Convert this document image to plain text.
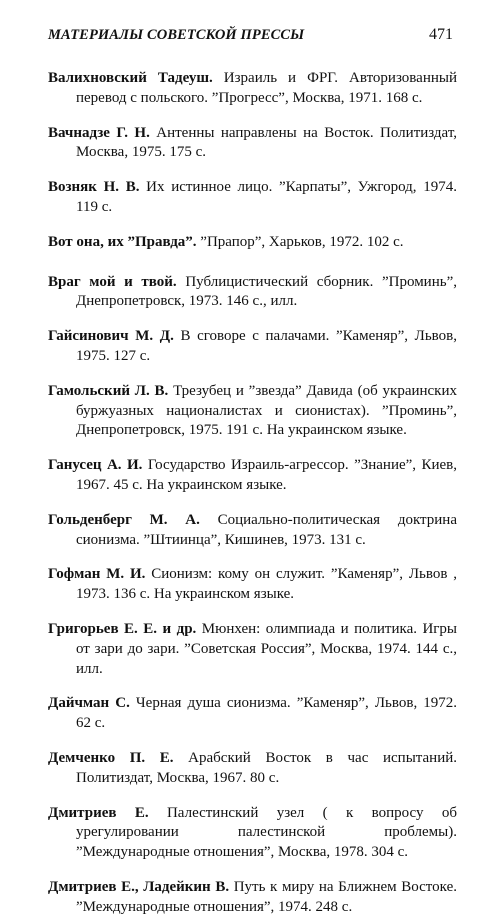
МАТЕРИАЛЫ СОВЕТСКОЙ ПРЕССЫ	471

Валихновский Тадеуш. Израиль и ФРГ. Авторизованный перевод с польского. ”Прогресс”, Москва, 1971. 168 с.

Вачнадзе Г. Н. Антенны направлены на Восток. Политиздат, Москва, 1975. 175 с.

Возняк Н. В. Их истинное лицо. ”Карпаты”, Ужгород, 1974. 119 с.

Вот она, их ”Правда”. ”Прапор”, Харьков, 1972. 102 с.

Враг мой и твой. Публицистический сборник. ”Проминь”, Днепропетровск, 1973. 146 с., илл.

Гайсинович М. Д. В сговоре с палачами. ”Каменяр”, Львов, 1975. 127 с.

Гамольский Л. В. Трезубец и ”звезда” Давида (об украинских буржуазных националистах и сионистах). ”Проминь”, Днепропетровск, 1975. 191 с. На украинском языке.

Ганусец А. И. Государство Израиль-агрессор. ”Знание”, Киев, 1967. 45 с. На украинском языке.

Гольденберг М. А. Социально-политическая доктрина сионизма. ”Штиинца”, Кишинев, 1973. 131 с.

Гофман М. И. Сионизм: кому он служит. ”Каменяр”, Львов , 1973. 136 с. На украинском языке.

Григорьев Е. Е. и др. Мюнхен: олимпиада и политика. Игры от зари до зари. ”Советская Россия”, Москва, 1974. 144 с., илл.

Дайчман С. Черная душа сионизма. ”Каменяр”, Львов, 1972. 62 с.

Демченко П. Е. Арабский Восток в час испытаний. Политиздат, Москва, 1967. 80 с.

Дмитриев Е. Палестинский узел ( к вопросу об урегулировании палестинской проблемы). ”Международные отношения”, Москва, 1978. 304 с.

Дмитриев Е., Ладейкин В. Путь к миру на Ближнем Востоке. ”Международные отношения”, 1974. 248 с.
